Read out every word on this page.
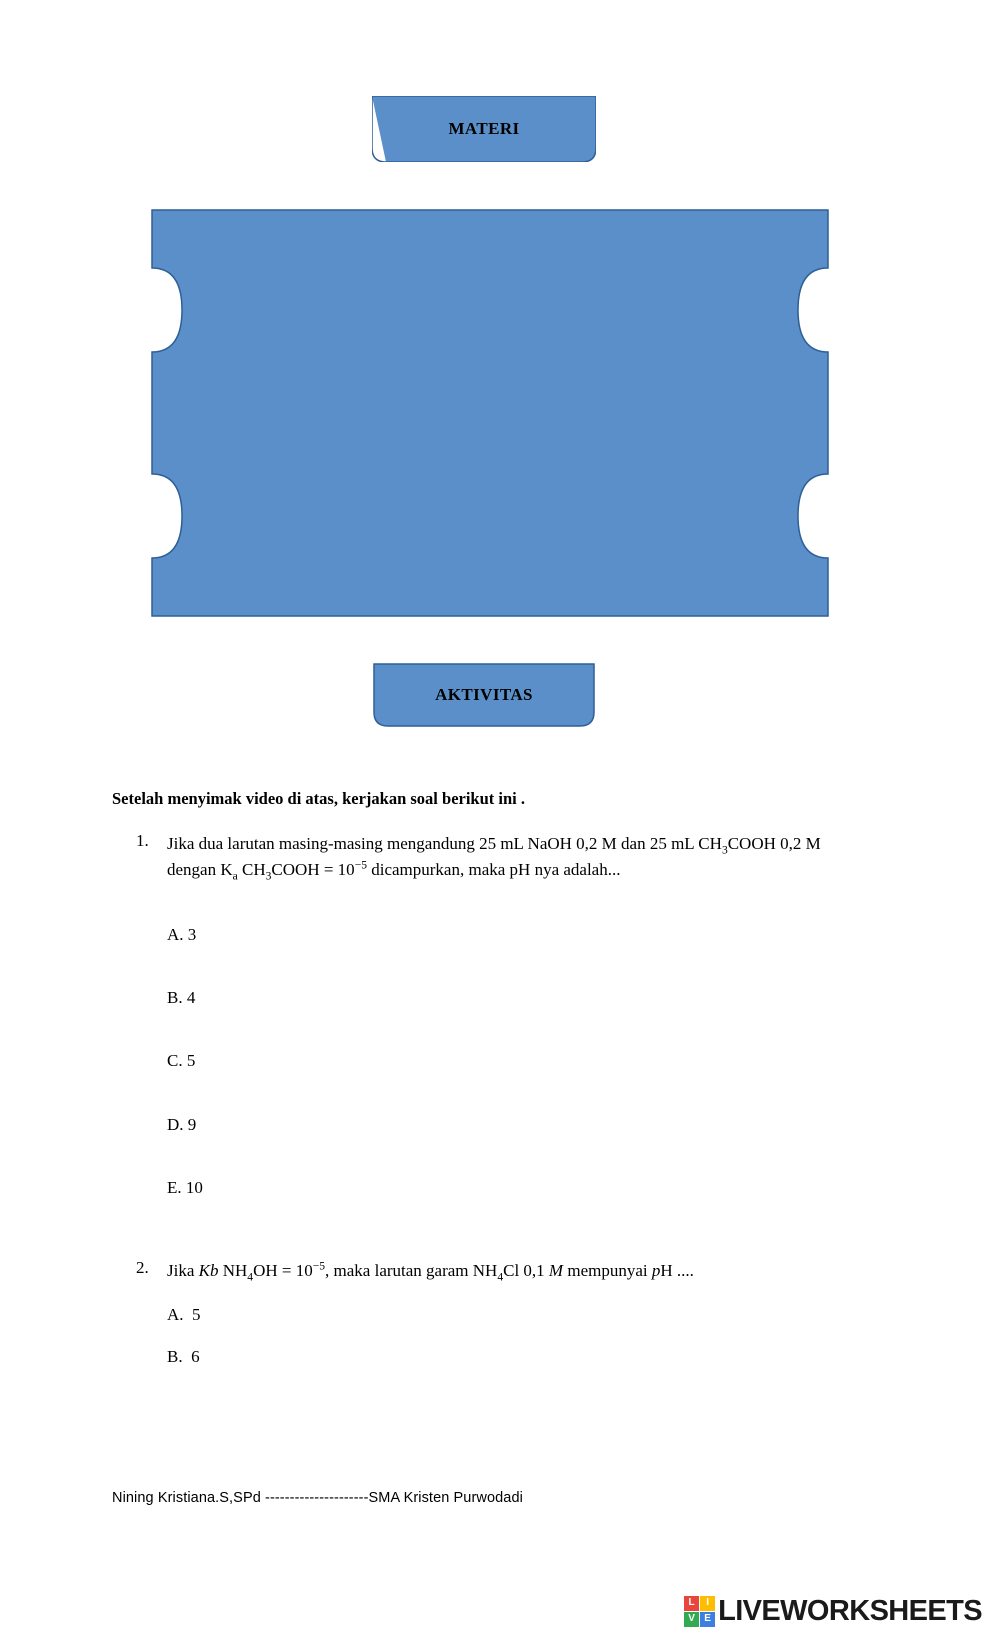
MATERI
AKTIVITAS
Setelah menyimak video di atas, kerjakan soal berikut ini .
1. Jika dua larutan masing-masing mengandung 25 mL NaOH 0,2 M dan 25 mL $CH_3COOH$ 0,2 M dengan $K_a$ $CH_3COOH = 10^{-5}$ dicampurkan, maka pH nya adalah...
A. 3
B. 4
C. 5
D. 9
E. 10
2. Jika Kb $NH_4OH = 10^{-5}$, maka larutan garam $NH_4Cl$ 0,1 M mempunyai pH ....
A. 5
B. 6
Nining Kristiana.S,SPd ---------------------SMA Kristen Purwodadi
L	I
V E LIVEWORKSHEETS
